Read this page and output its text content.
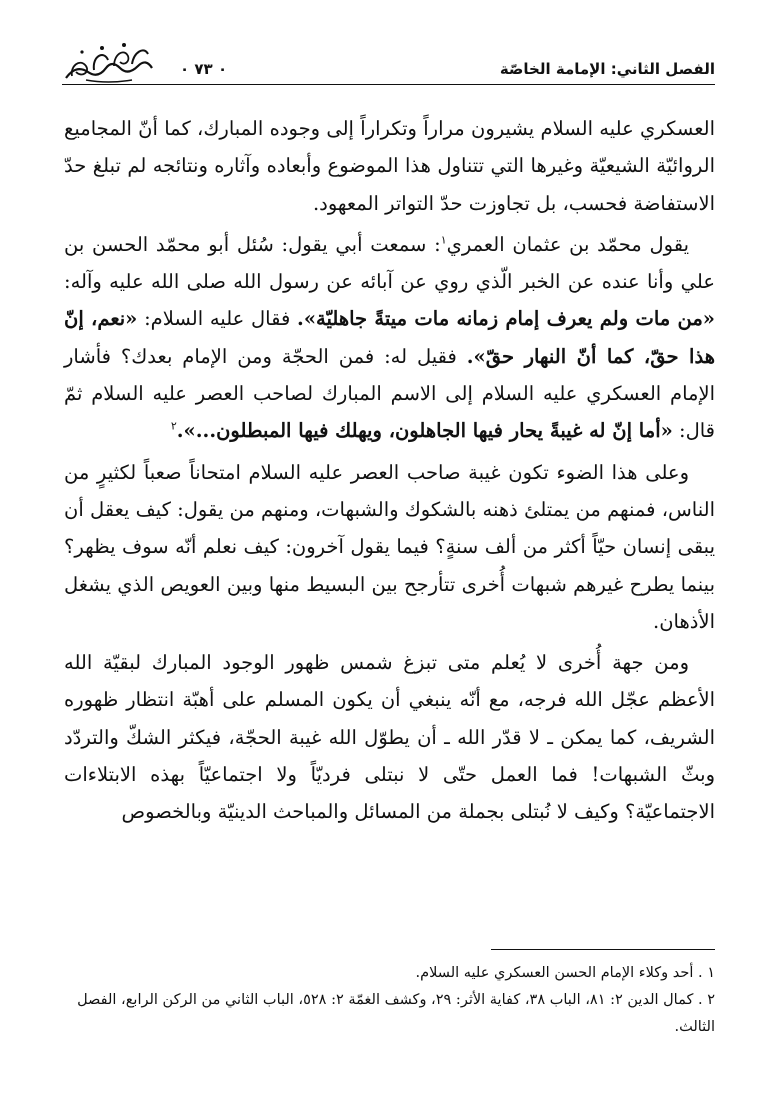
الفصل الثاني: الإمامة الخاصّة
٠ ٧٣ ٠

العسكري عليه السلام يشيرون مراراً وتكراراً إلى وجوده المبارك، كما أنّ المجاميع الروائيّة الشيعيّة وغيرها التي تتناول هذا الموضوع وأبعاده وآثاره ونتائجه لم تبلغ حدّ الاستفاضة فحسب، بل تجاوزت حدّ التواتر المعهود.

يقول محمّد بن عثمان العمري$^١$: سمعت أبي يقول: سُئل أبو محمّد الحسن بن علي وأنا عنده عن الخبر الّذي روي عن آبائه عن رسول الله صلى الله عليه وآله: «من مات ولم يعرف إمام زمانه مات ميتةً جاهليّة». فقال عليه السلام: «نعم، إنّ هذا حقّ، كما أنّ النهار حقّ». فقيل له: فمن الحجّة ومن الإمام بعدك؟ فأشار الإمام العسكري عليه السلام إلى الاسم المبارك لصاحب العصر عليه السلام ثمّ قال: «أما إنّ له غيبةً يحار فيها الجاهلون، ويهلك فيها المبطلون...».$^٢$

وعلى هذا الضوء تكون غيبة صاحب العصر عليه السلام امتحاناً صعباً لكثيرٍ من الناس، فمنهم من يمتلئ ذهنه بالشكوك والشبهات، ومنهم من يقول: كيف يعقل أن يبقى إنسان حيّاً أكثر من ألف سنةٍ؟ فيما يقول آخرون: كيف نعلم أنّه سوف يظهر؟ بينما يطرح غيرهم شبهات أُخرى تتأرجح بين البسيط منها وبين العويص الذي يشغل الأذهان.

ومن جهة أُخرى لا يُعلم متى تبزغ شمس ظهور الوجود المبارك لبقيّة الله الأعظم عجّل الله فرجه، مع أنّه ينبغي أن يكون المسلم على أهبّة انتظار ظهوره الشريف، كما يمكن ـ لا قدّر الله ـ أن يطوّل الله غيبة الحجّة، فيكثر الشكّ والتردّد وبثّ الشبهات! فما العمل حتّى لا نبتلى فرديّاً ولا اجتماعيّاً بهذه الابتلاءات الاجتماعيّة؟ وكيف لا نُبتلى بجملة من المسائل والمباحث الدينيّة وبالخصوص

١ . أحد وكلاء الإمام الحسن العسكري عليه السلام.

٢ . كمال الدين ٢: ٨١، الباب ٣٨، كفاية الأثر: ٢٩، وكشف الغمّة ٢: ٥٢٨، الباب الثاني من الركن الرابع، الفصل الثالث.
